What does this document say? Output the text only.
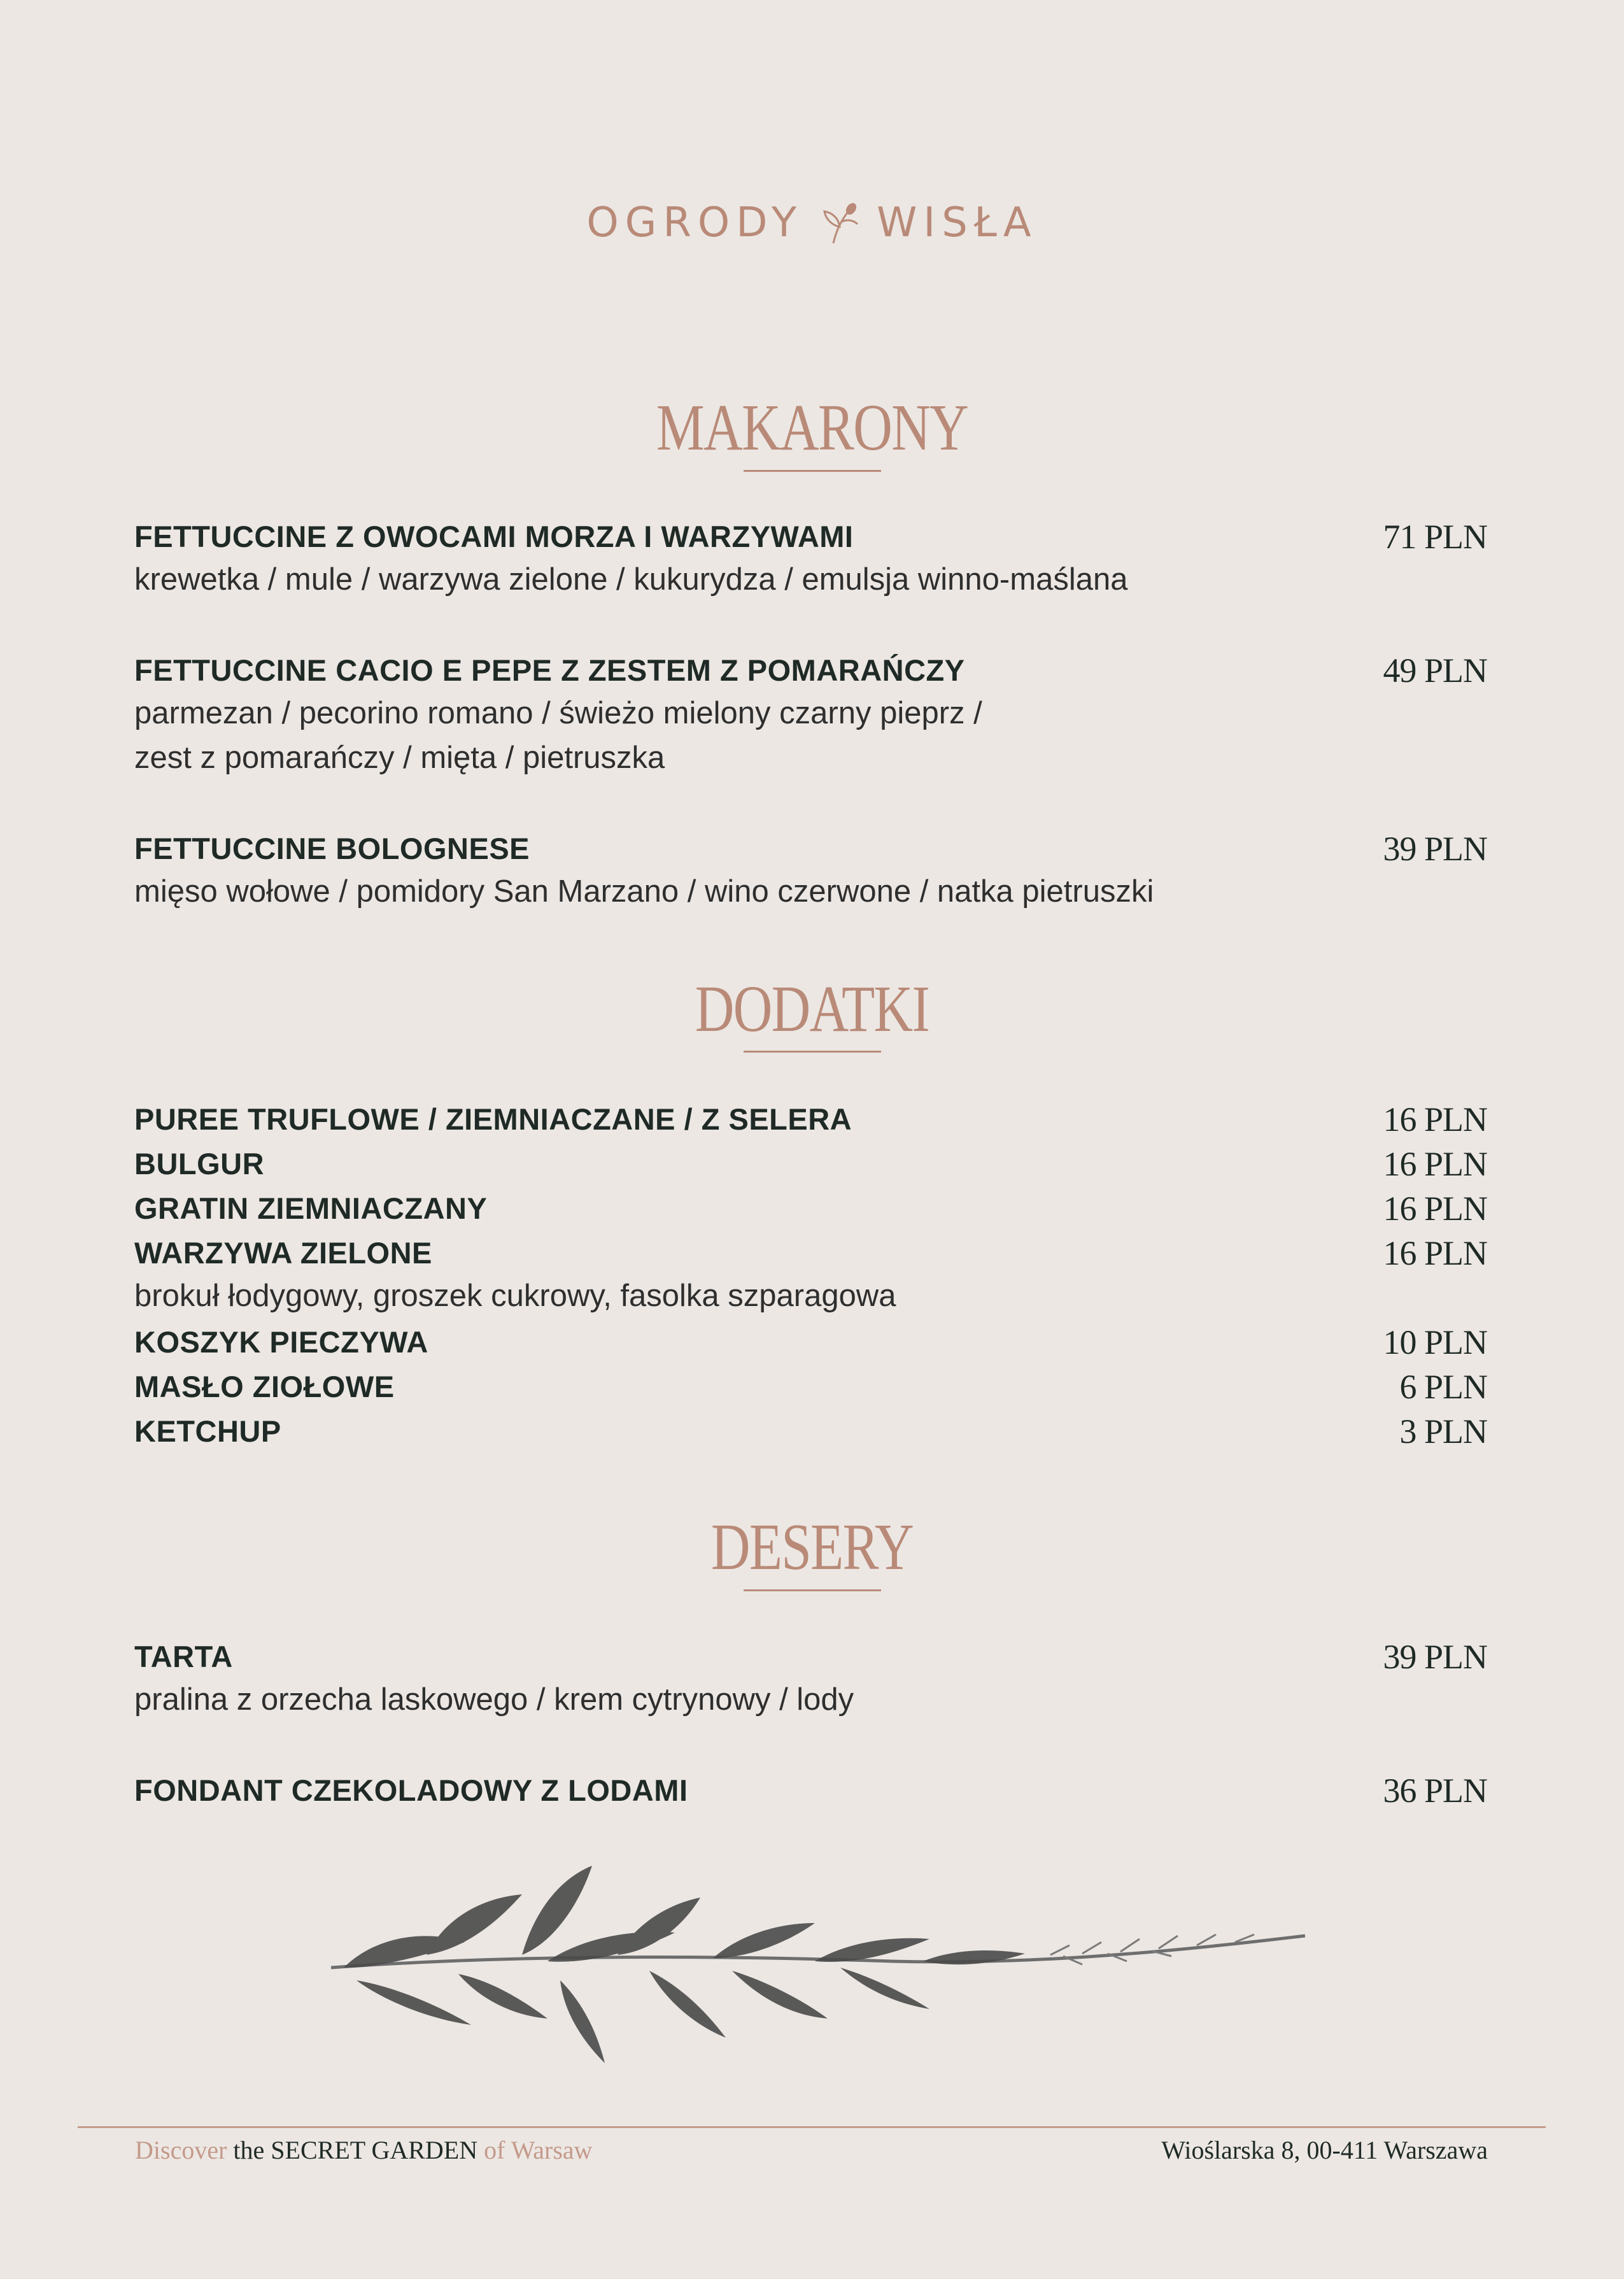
OGRODY WISŁA
MAKARONY
FETTUCCINE Z OWOCAMI MORZA I WARZYWAMI	71 PLN
krewetka / mule / warzywa zielone / kukurydza / emulsja winno-maślana
FETTUCCINE CACIO E PEPE Z ZESTEM Z POMARAŃCZY	49 PLN
parmezan / pecorino romano / świeżo mielony czarny pieprz /
zest z pomarańczy / mięta / pietruszka
FETTUCCINE BOLOGNESE	39 PLN
mięso wołowe / pomidory San Marzano / wino czerwone / natka pietruszki
DODATKI
PUREE TRUFLOWE / ZIEMNIACZANE / Z SELERA	16 PLN
BULGUR	16 PLN
GRATIN ZIEMNIACZANY	16 PLN
WARZYWA ZIELONE	16 PLN
brokuł łodygowy, groszek cukrowy, fasolka szparagowa
KOSZYK PIECZYWA	10 PLN
MASŁO ZIOŁOWE	6 PLN
KETCHUP	3 PLN
DESERY
TARTA	39 PLN
pralina z orzecha laskowego / krem cytrynowy / lody
FONDANT CZEKOLADOWY Z LODAMI	36 PLN
Discover the SECRET GARDEN of Warsaw	Wioślarska 8, 00-411 Warszawa
